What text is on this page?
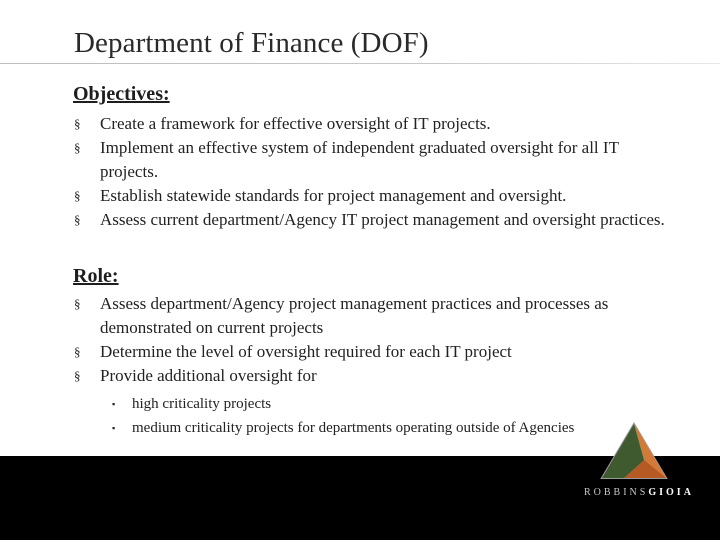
Department of Finance (DOF)
Objectives:
§ Create a framework for effective oversight of IT projects.
§ Implement an effective system of independent graduated oversight for all IT projects.
§ Establish statewide standards for project management and oversight.
§ Assess current department/Agency IT project management and oversight practices.
Role:
§ Assess department/Agency project management practices and processes as demonstrated on current projects
§ Determine the level of oversight required for each IT project
§ Provide additional oversight for
▪ high criticality projects
▪ medium criticality projects for departments operating outside of Agencies
ROBBINSGIOIA
